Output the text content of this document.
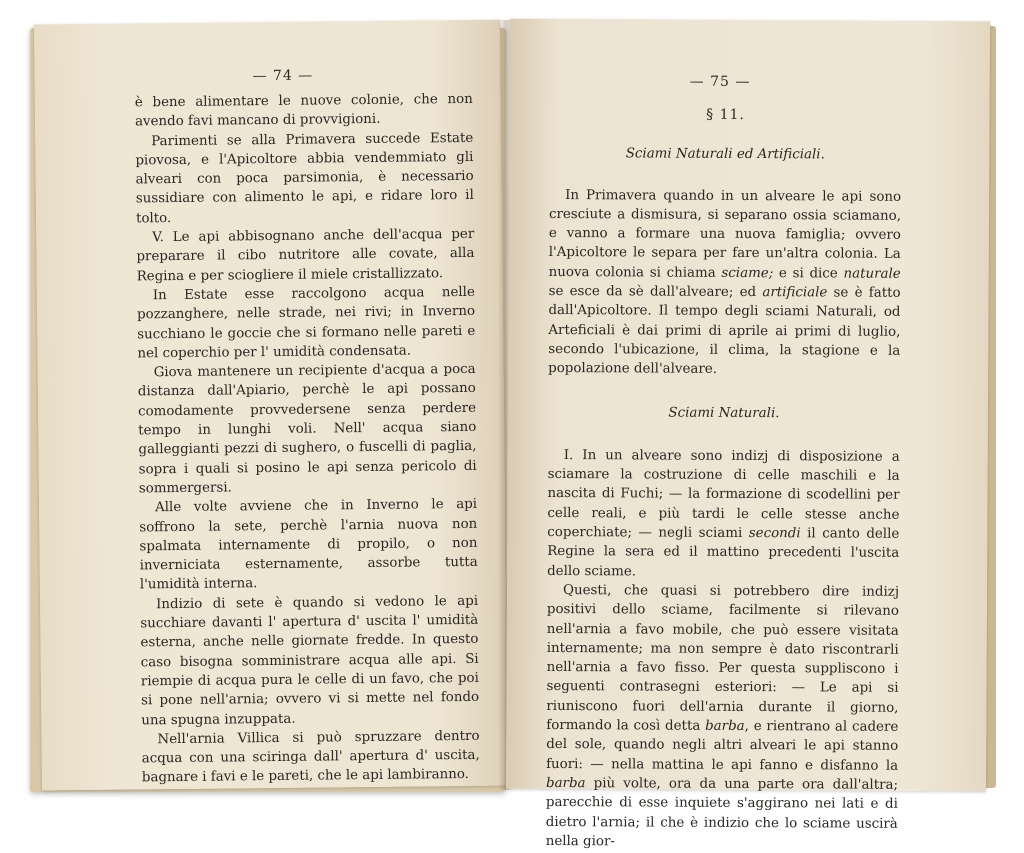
— 74 —

è bene alimentare le nuove colonie, che non avendo favi mancano di provvigioni.

Parimenti se alla Primavera succede Estate piovosa, e l'Apicoltore abbia vendemmiato gli alveari con poca parsimonia, è necessario sussidiare con alimento le api, e ridare loro il tolto.

V. Le api abbisognano anche dell'acqua per preparare il cibo nutritore alle covate, alla Regina e per sciogliere il miele cristallizzato.

In Estate esse raccolgono acqua nelle pozzanghere, nelle strade, nei rivi; in Inverno succhiano le goccie che si formano nelle pareti e nel coperchio per l' umidità condensata.

Giova mantenere un recipiente d'acqua a poca distanza dall'Apiario, perchè le api possano comodamente provvedersene senza perdere tempo in lunghi voli. Nell' acqua siano galleggianti pezzi di sughero, o fuscelli di paglia, sopra i quali si posino le api senza pericolo di sommergersi.

Alle volte avviene che in Inverno le api soffrono la sete, perchè l'arnia nuova non spalmata internamente di propilo, o non inverniciata esternamente, assorbe tutta l'umidità interna.

Indizio di sete è quando si vedono le api succhiare davanti l' apertura d' uscita l' umidità esterna, anche nelle giornate fredde. In questo caso bisogna somministrare acqua alle api. Si riempie di acqua pura le celle di un favo, che poi si pone nell'arnia; ovvero vi si mette nel fondo una spugna inzuppata.

Nell'arnia Villica si può spruzzare dentro acqua con una sciringa dall' apertura d' uscita, bagnare i favi e le pareti, che le api lambiranno.

— 75 —
§ 11.
Sciami Naturali ed Artificiali.

In Primavera quando in un alveare le api sono cresciute a dismisura, si separano ossia sciamano, e vanno a formare una nuova famiglia; ovvero l'Apicoltore le separa per fare un'altra colonia. La nuova colonia si chiama sciame; e si dice naturale se esce da sè dall'alveare; ed artificiale se è fatto dall'Apicoltore. Il tempo degli sciami Naturali, od Arteficiali è dai primi di aprile ai primi di luglio, secondo l'ubicazione, il clima, la stagione e la popolazione dell'alveare.

Sciami Naturali.

I. In un alveare sono indizj di disposizione a sciamare la costruzione di celle maschili e la nascita di Fuchi; — la formazione di scodellini per celle reali, e più tardi le celle stesse anche coperchiate; — negli sciami secondi il canto delle Regine la sera ed il mattino precedenti l'uscita dello sciame.

Questi, che quasi si potrebbero dire indizj positivi dello sciame, facilmente si rilevano nell'arnia a favo mobile, che può essere visitata internamente; ma non sempre è dato riscontrarli nell'arnia a favo fisso. Per questa suppliscono i seguenti contrasegni esteriori: — Le api si riuniscono fuori dell'arnia durante il giorno, formando la così detta barba, e rientrano al cadere del sole, quando negli altri alveari le api stanno fuori: — nella mattina le api fanno e disfanno la barba più volte, ora da una parte ora dall'altra; parecchie di esse inquiete s'aggirano nei lati e di dietro l'arnia; il che è indizio che lo sciame uscirà nella gior-
